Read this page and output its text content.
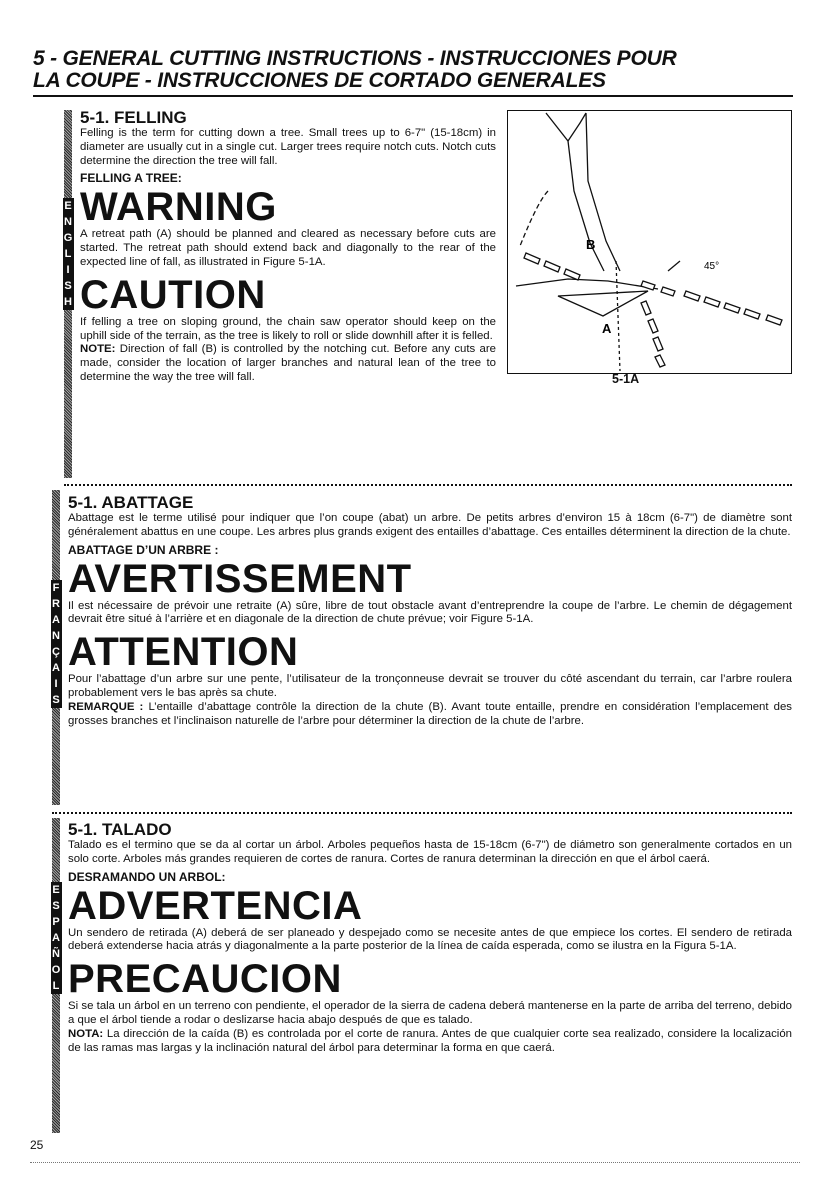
5 - GENERAL CUTTING INSTRUCTIONS - INSTRUCCIONES POUR
LA COUPE - INSTRUCCIONES DE CORTADO GENERALES
E
N
G
L
I
S
H
5-1. FELLING

Felling is the term for cutting down a tree. Small trees up to 6-7" (15-18cm) in diameter are usually cut in a single cut. Larger trees require notch cuts. Notch cuts determine the direction the tree will fall.

FELLING A TREE:
WARNING

A retreat path (A) should be planned and cleared as necessary before cuts are started. The retreat path should extend back and diagonally to the rear of the expected line of fall, as illustrated in Figure 5-1A.

CAUTION

If felling a tree on sloping ground, the chain saw operator should keep on the uphill side of the terrain, as the tree is likely to roll or slide downhill after it is felled.

NOTE: Direction of fall (B) is controlled by the notching cut. Before any cuts are made, consider the location of larger branches and natural lean of the tree to determine the way the tree will fall.

B
A
45°
5-1A
F
R
A
N
Ç
A
I
S
5-1. ABATTAGE

Abattage est le terme utilisé pour indiquer que l’on coupe (abat) un arbre. De petits arbres d’environ 15 à 18cm (6-7") de diamètre sont généralement abattus en une coupe. Les arbres plus grands exigent des entailles d’abattage. Ces entailles déterminent la direction de la chute.

ABATTAGE D’UN ARBRE :
AVERTISSEMENT

Il est nécessaire de prévoir une retraite (A) sûre, libre de tout obstacle avant d’entreprendre la coupe de l’arbre. Le chemin de dégagement devrait être situé à l’arrière et en diagonale de la direction de chute prévue; voir Figure 5-1A.

ATTENTION

Pour l’abattage d’un arbre sur une pente, l’utilisateur de la tronçonneuse devrait se trouver du côté ascendant du terrain, car l’arbre roulera probablement vers le bas après sa chute.

REMARQUE : L’entaille d’abattage contrôle la direction de la chute (B). Avant toute entaille, prendre en considération l’emplacement des grosses branches et l’inclinaison naturelle de l’arbre pour déterminer la direction de la chute de l’arbre.

E
S
P
A
Ñ
O
L
5-1. TALADO

Talado es el termino que se da al cortar un árbol. Arboles pequeños hasta de 15-18cm (6-7") de diámetro son generalmente cortados en un solo corte. Arboles más grandes requieren de cortes de ranura. Cortes de ranura determinan la dirección en que el árbol caerá.

DESRAMANDO UN ARBOL:
ADVERTENCIA

Un sendero de retirada (A) deberá de ser planeado y despejado como se necesite antes de que empiece los cortes. El sendero de retirada deberá extenderse hacia atrás y diagonalmente a la parte posterior de la línea de caída esperada, como se ilustra en la Figura 5-1A.

PRECAUCION

Si se tala un árbol en un terreno con pendiente, el operador de la sierra de cadena deberá mantenerse en la parte de arriba del terreno, debido a que el árbol tiende a rodar o deslizarse hacia abajo después de que es talado.

NOTA: La dirección de la caída (B) es controlada por el corte de ranura. Antes de que cualquier corte sea realizado, considere la localización de las ramas mas largas y la inclinación natural del árbol para determinar la forma en que caerá.

25
